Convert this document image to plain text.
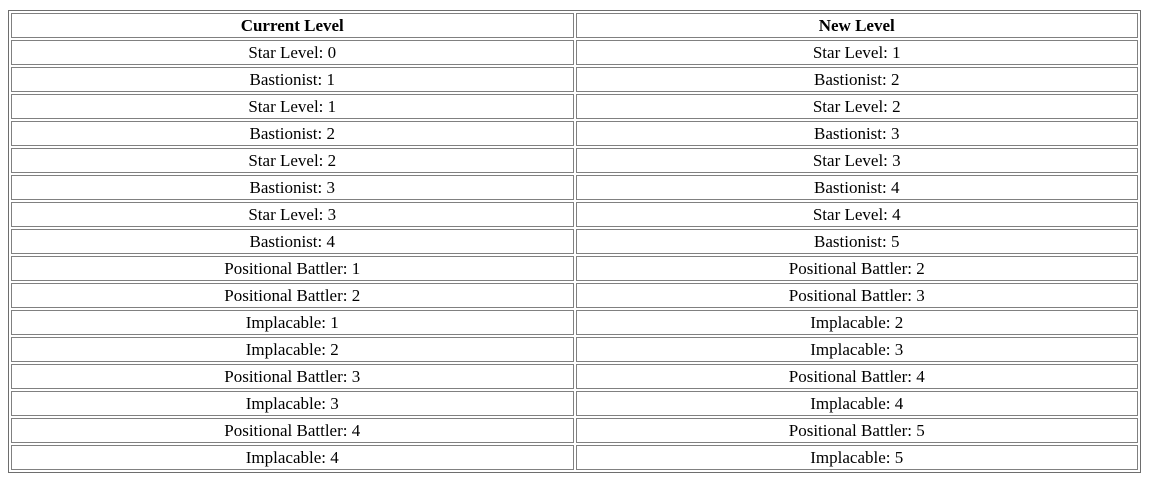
Current Level	New Level
Star Level: 0	Star Level: 1
Bastionist: 1	Bastionist: 2
Star Level: 1	Star Level: 2
Bastionist: 2	Bastionist: 3
Star Level: 2	Star Level: 3
Bastionist: 3	Bastionist: 4
Star Level: 3	Star Level: 4
Bastionist: 4	Bastionist: 5
Positional Battler: 1	Positional Battler: 2
Positional Battler: 2	Positional Battler: 3
Implacable: 1	Implacable: 2
Implacable: 2	Implacable: 3
Positional Battler: 3	Positional Battler: 4
Implacable: 3	Implacable: 4
Positional Battler: 4	Positional Battler: 5
Implacable: 4	Implacable: 5
